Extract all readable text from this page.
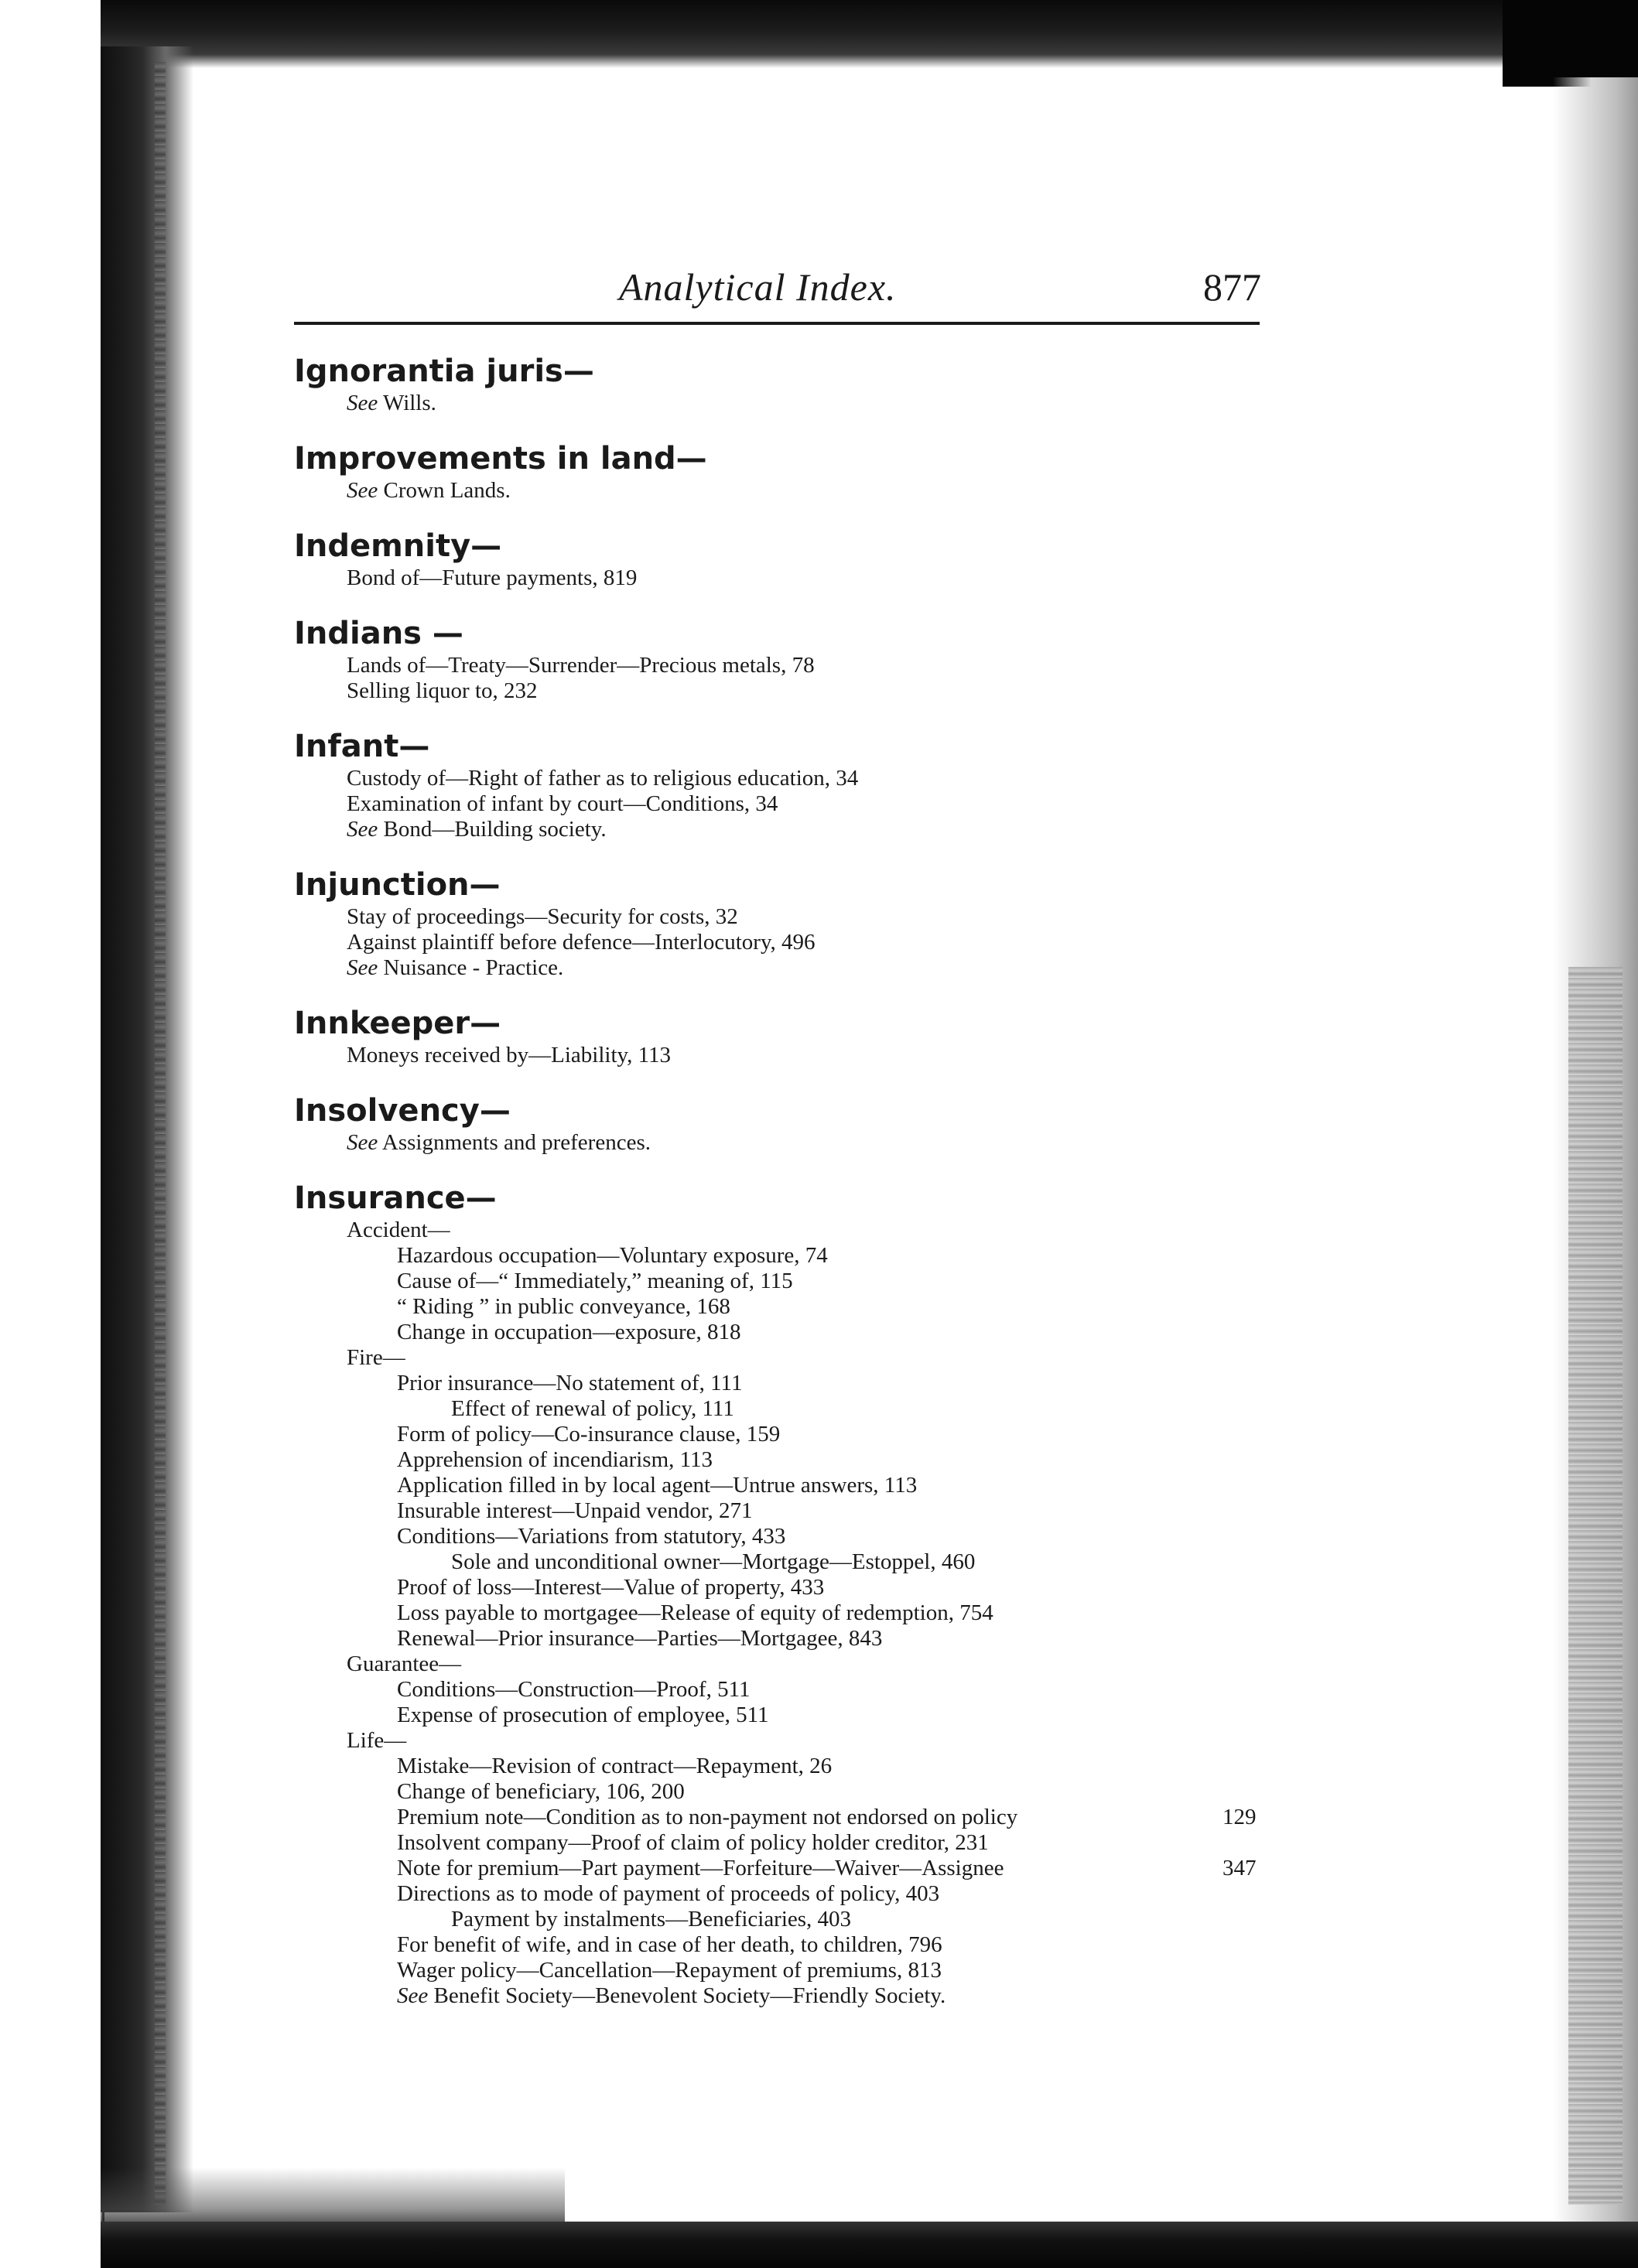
Analytical Index.	877
Ignorantia juris—
See Wills.
Improvements in land—
See Crown Lands.
Indemnity—
Bond of—Future payments, 819
Indians —
Lands of—Treaty—Surrender—Precious metals, 78
Selling liquor to, 232
Infant—
Custody of—Right of father as to religious education, 34
Examination of infant by court—Conditions, 34
See Bond—Building society.
Injunction—
Stay of proceedings—Security for costs, 32
Against plaintiff before defence—Interlocutory, 496
See Nuisance - Practice.
Innkeeper—
Moneys received by—Liability, 113
Insolvency—
See Assignments and preferences.
Insurance—
Accident—
Hazardous occupation—Voluntary exposure, 74
Cause of—“ Immediately,” meaning of, 115
“ Riding ” in public conveyance, 168
Change in occupation—exposure, 818
Fire—
Prior insurance—No statement of, 111
Effect of renewal of policy, 111
Form of policy—Co-insurance clause, 159
Apprehension of incendiarism, 113
Application filled in by local agent—Untrue answers, 113
Insurable interest—Unpaid vendor, 271
Conditions—Variations from statutory, 433
Sole and unconditional owner—Mortgage—Estoppel, 460
Proof of loss—Interest—Value of property, 433
Loss payable to mortgagee—Release of equity of redemption, 754
Renewal—Prior insurance—Parties—Mortgagee, 843
Guarantee—
Conditions—Construction—Proof, 511
Expense of prosecution of employee, 511
Life—
Mistake—Revision of contract—Repayment, 26
Change of beneficiary, 106, 200
Premium note—Condition as to non-payment not endorsed on policy	129
Insolvent company—Proof of claim of policy holder creditor, 231
Note for premium—Part payment—Forfeiture—Waiver—Assignee	347
Directions as to mode of payment of proceeds of policy, 403
Payment by instalments—Beneficiaries, 403
For benefit of wife, and in case of her death, to children, 796
Wager policy—Cancellation—Repayment of premiums, 813
See Benefit Society—Benevolent Society—Friendly Society.
